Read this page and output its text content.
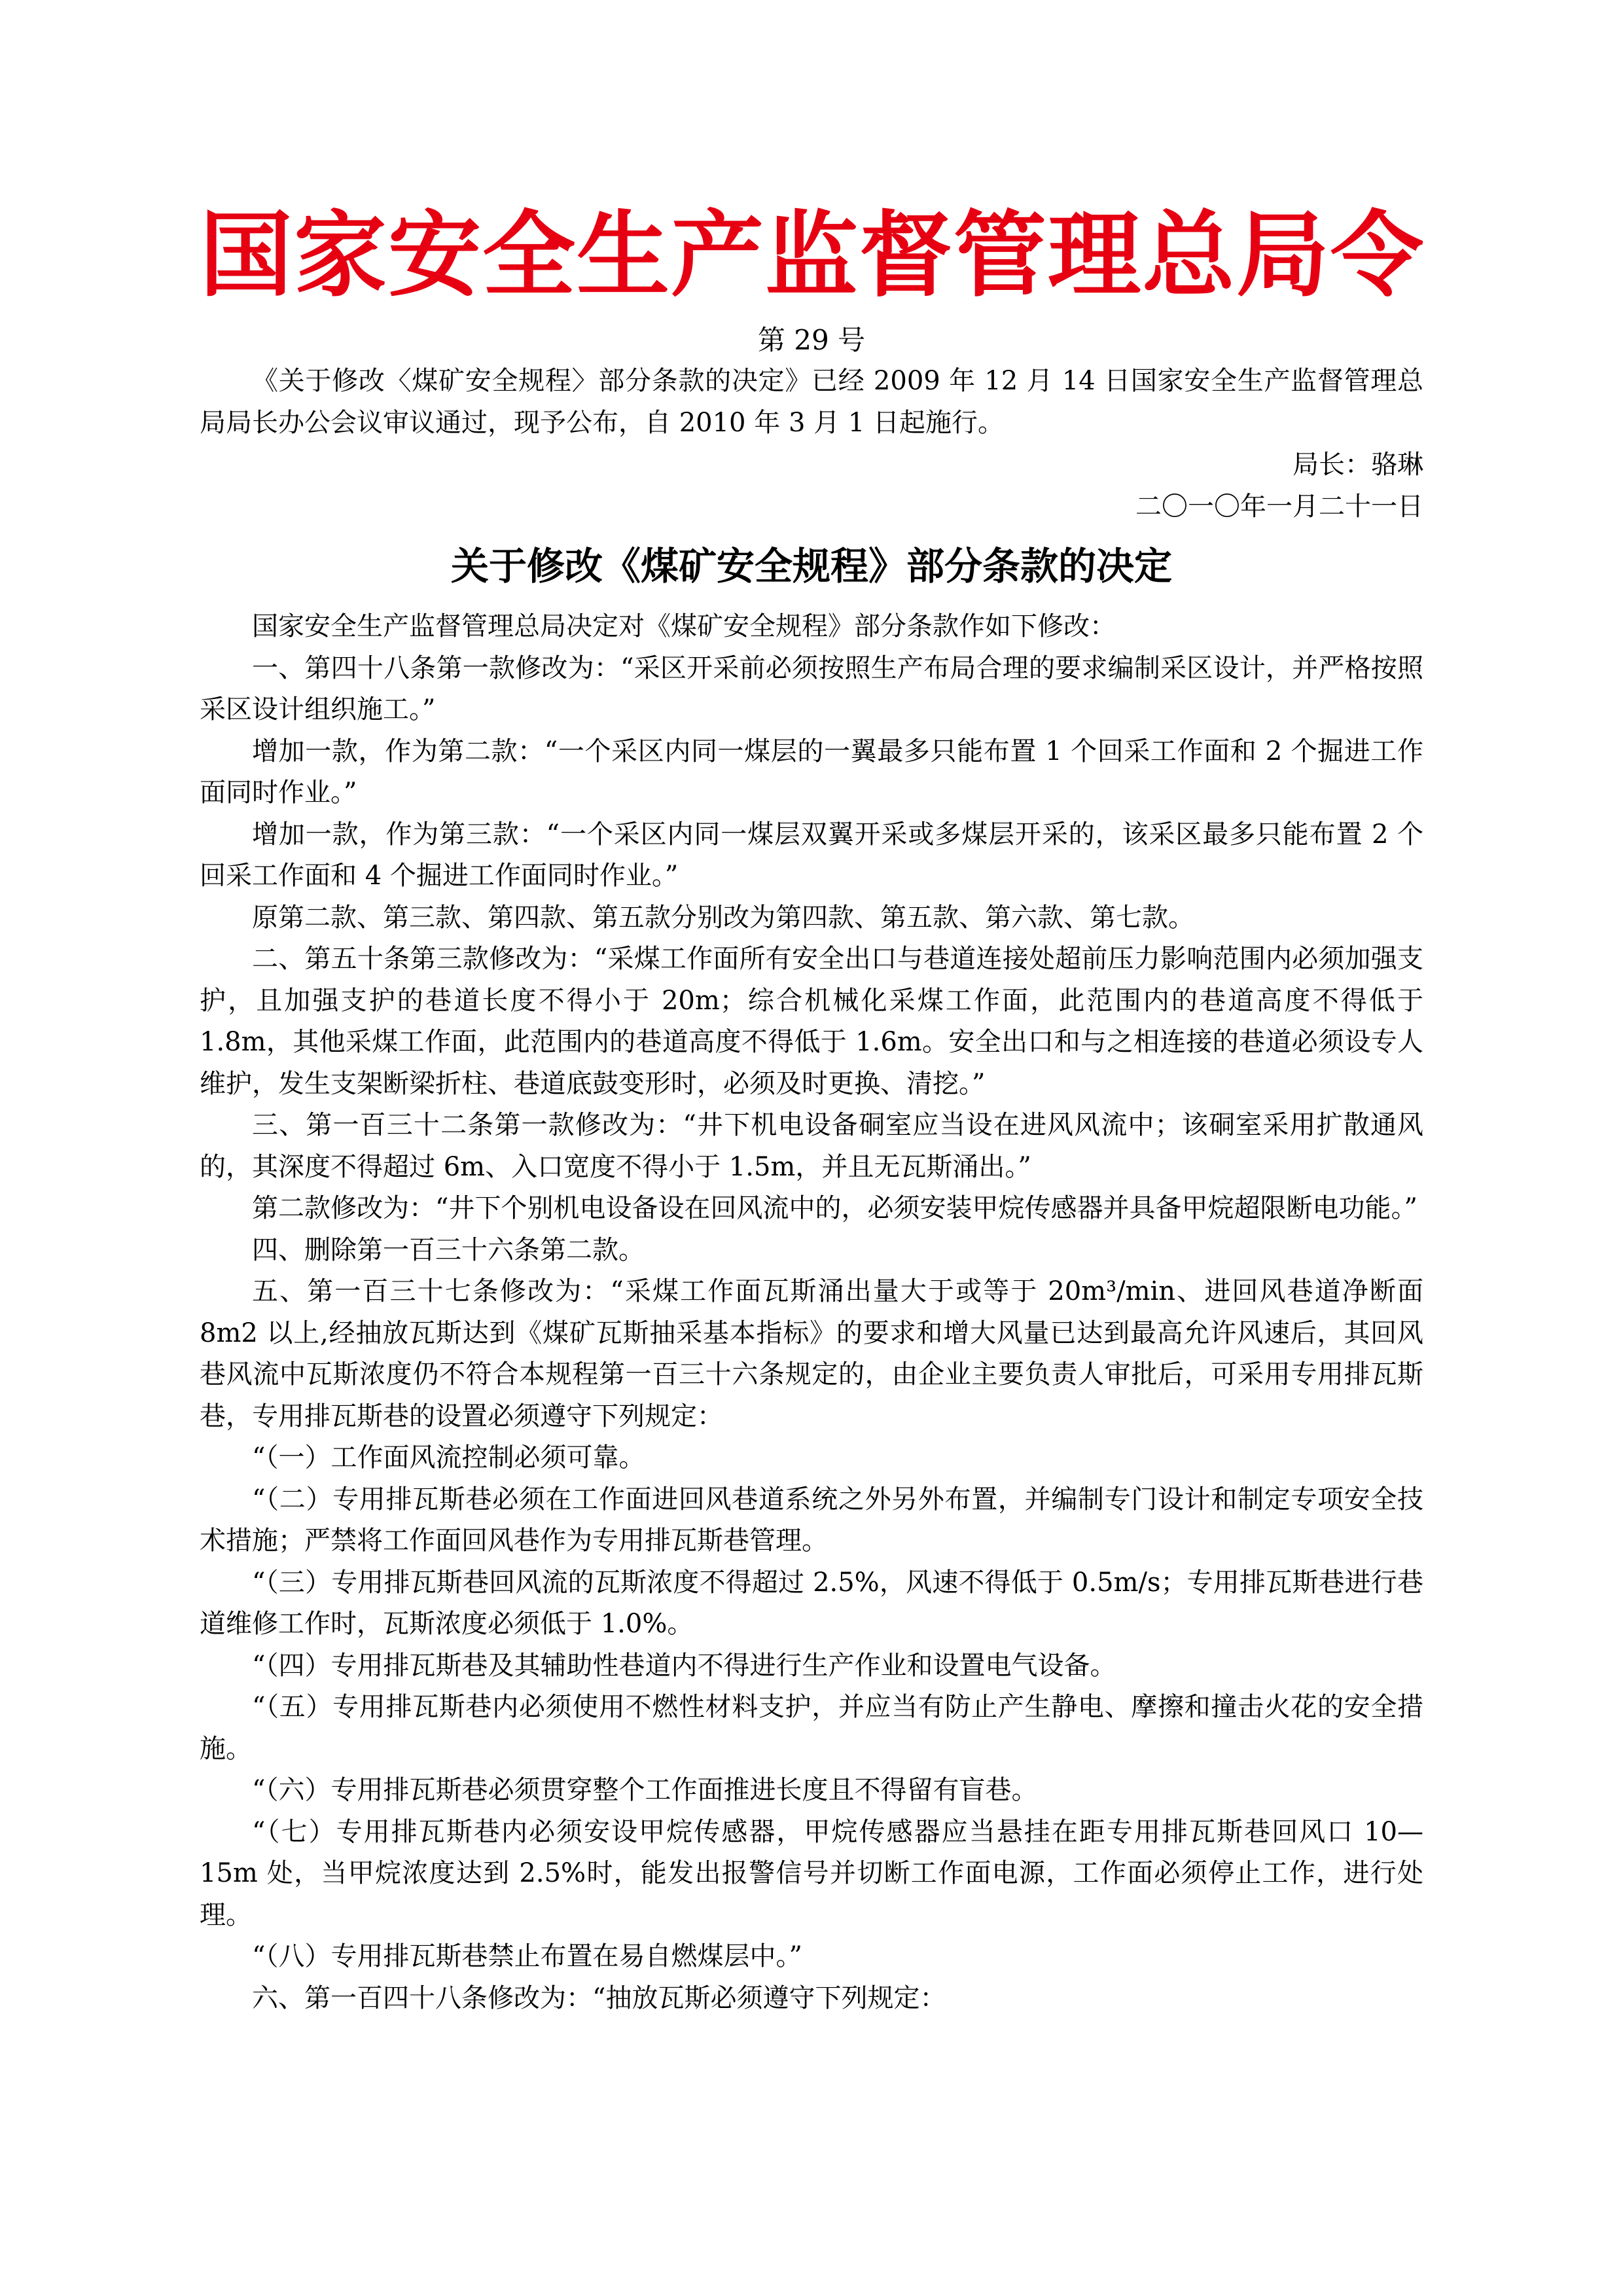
国家安全生产监督管理总局令
第 29 号

《关于修改〈煤矿安全规程〉部分条款的决定》已经 2009 年 12 月 14 日国家安全生产监督管理总局局长办公会议审议通过，现予公布，自 2010 年 3 月 1 日起施行。

局长：骆琳

二〇一〇年一月二十一日

关于修改《煤矿安全规程》部分条款的决定

国家安全生产监督管理总局决定对《煤矿安全规程》部分条款作如下修改：

一、第四十八条第一款修改为：“采区开采前必须按照生产布局合理的要求编制采区设计，并严格按照采区设计组织施工。”

增加一款，作为第二款：“一个采区内同一煤层的一翼最多只能布置 1 个回采工作面和 2 个掘进工作面同时作业。”

增加一款，作为第三款：“一个采区内同一煤层双翼开采或多煤层开采的，该采区最多只能布置 2 个回采工作面和 4 个掘进工作面同时作业。”

原第二款、第三款、第四款、第五款分别改为第四款、第五款、第六款、第七款。

二、第五十条第三款修改为：“采煤工作面所有安全出口与巷道连接处超前压力影响范围内必须加强支护，且加强支护的巷道长度不得小于 20m；综合机械化采煤工作面，此范围内的巷道高度不得低于 1.8m，其他采煤工作面，此范围内的巷道高度不得低于 1.6m。安全出口和与之相连接的巷道必须设专人维护，发生支架断梁折柱、巷道底鼓变形时，必须及时更换、清挖。”

三、第一百三十二条第一款修改为：“井下机电设备硐室应当设在进风风流中；该硐室采用扩散通风的，其深度不得超过 6m、入口宽度不得小于 1.5m，并且无瓦斯涌出。”

第二款修改为：“井下个别机电设备设在回风流中的，必须安装甲烷传感器并具备甲烷超限断电功能。”

四、删除第一百三十六条第二款。

五、第一百三十七条修改为：“采煤工作面瓦斯涌出量大于或等于 20m³/min、进回风巷道净断面 8m2 以上,经抽放瓦斯达到《煤矿瓦斯抽采基本指标》的要求和增大风量已达到最高允许风速后，其回风巷风流中瓦斯浓度仍不符合本规程第一百三十六条规定的，由企业主要负责人审批后，可采用专用排瓦斯巷，专用排瓦斯巷的设置必须遵守下列规定：

“（一）工作面风流控制必须可靠。

“（二）专用排瓦斯巷必须在工作面进回风巷道系统之外另外布置，并编制专门设计和制定专项安全技术措施；严禁将工作面回风巷作为专用排瓦斯巷管理。

“（三）专用排瓦斯巷回风流的瓦斯浓度不得超过 2.5%，风速不得低于 0.5m/s；专用排瓦斯巷进行巷道维修工作时，瓦斯浓度必须低于 1.0%。

“（四）专用排瓦斯巷及其辅助性巷道内不得进行生产作业和设置电气设备。

“（五）专用排瓦斯巷内必须使用不燃性材料支护，并应当有防止产生静电、摩擦和撞击火花的安全措施。

“（六）专用排瓦斯巷必须贯穿整个工作面推进长度且不得留有盲巷。

“（七）专用排瓦斯巷内必须安设甲烷传感器，甲烷传感器应当悬挂在距专用排瓦斯巷回风口 10—15m 处，当甲烷浓度达到 2.5%时，能发出报警信号并切断工作面电源，工作面必须停止工作，进行处理。

“（八）专用排瓦斯巷禁止布置在易自燃煤层中。”

六、第一百四十八条修改为：“抽放瓦斯必须遵守下列规定：
